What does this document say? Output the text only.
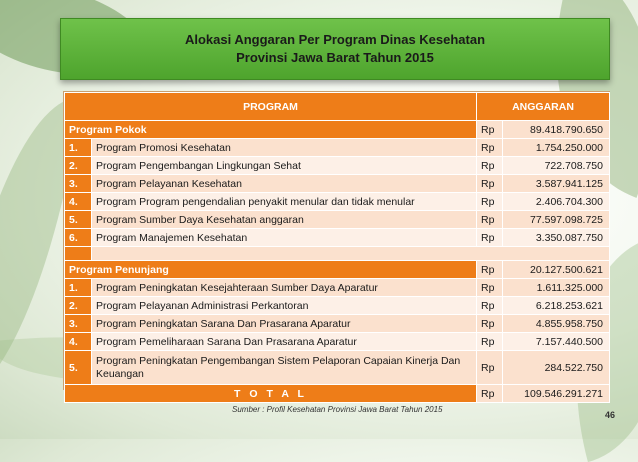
Alokasi Anggaran Per Program Dinas Kesehatan
Provinsi Jawa Barat Tahun 2015
PROGRAM		ANGGARAN	
Program Pokok		Rp	89.418.790.650
1.	Program Promosi Kesehatan	Rp	1.754.250.000
2.	Program Pengembangan Lingkungan Sehat	Rp	722.708.750
3.	Program Pelayanan Kesehatan	Rp	3.587.941.125
4.	Program Program pengendalian penyakit menular dan tidak menular	Rp	2.406.704.300
5.	Program Sumber Daya Kesehatan anggaran	Rp	77.597.098.725
6.	Program Manajemen Kesehatan	Rp	3.350.087.750

Program Penunjang		Rp	20.127.500.621
1.	Program Peningkatan Kesejahteraan Sumber Daya Aparatur	Rp	1.611.325.000
2.	Program Pelayanan Administrasi Perkantoran	Rp	6.218.253.621
3.	Program Peningkatan Sarana Dan Prasarana Aparatur	Rp	4.855.958.750
4.	Program Pemeliharaan Sarana Dan Prasarana Aparatur	Rp	7.157.440.500
5.	Program Peningkatan Pengembangan Sistem Pelaporan Capaian Kinerja Dan Keuangan	Rp	284.522.750
T O T A L		Rp	109.546.291.271
Sumber : Profil Kesehatan Provinsi Jawa Barat Tahun 2015
46
